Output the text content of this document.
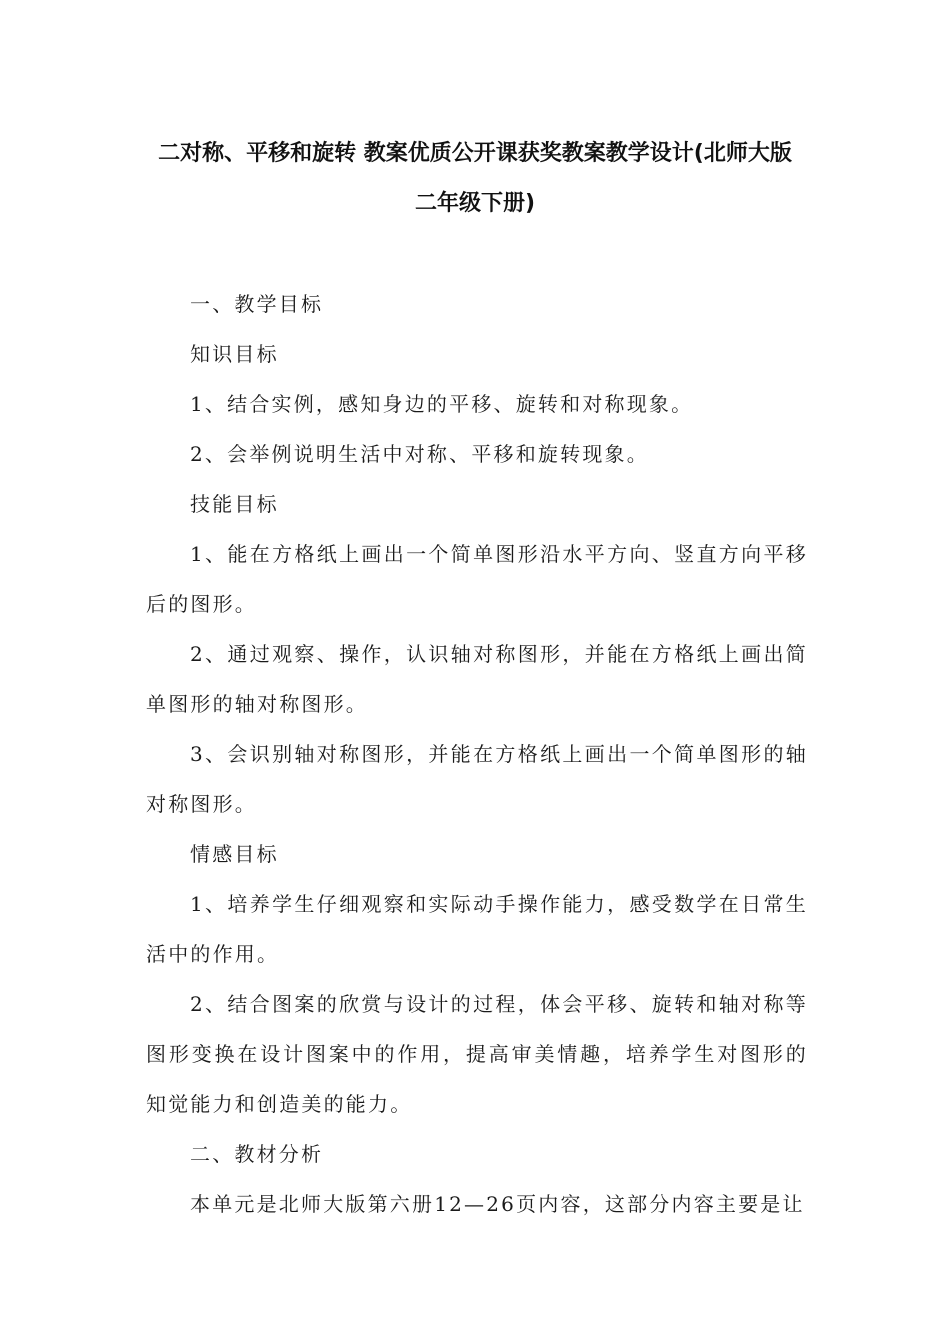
二对称、平移和旋转 教案优质公开课获奖教案教学设计(北师大版
二年级下册)

一、教学目标

知识目标

1、结合实例，感知身边的平移、旋转和对称现象。

2、会举例说明生活中对称、平移和旋转现象。

技能目标

1、能在方格纸上画出一个简单图形沿水平方向、竖直方向平移后的图形。

2、通过观察、操作，认识轴对称图形，并能在方格纸上画出简单图形的轴对称图形。

3、会识别轴对称图形，并能在方格纸上画出一个简单图形的轴对称图形。

情感目标

1、培养学生仔细观察和实际动手操作能力，感受数学在日常生活中的作用。

2、结合图案的欣赏与设计的过程，体会平移、旋转和轴对称等图形变换在设计图案中的作用，提高审美情趣，培养学生对图形的知觉能力和创造美的能力。

二、教材分析

本单元是北师大版第六册12—26页内容，这部分内容主要是让
